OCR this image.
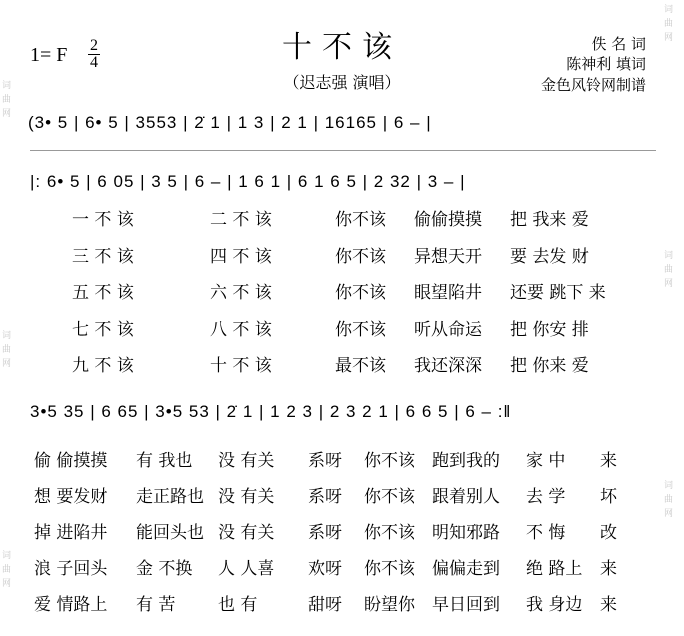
词
曲
网
词
曲
网
词
曲
网
词
曲
网
词
曲
网
词
曲
网
十不该
（迟志强 演唱）
1= F 2
4
佚 名 词
陈神利 填词
金色风铃网制谱
(3• 5 | 6• 5 | 3553 | 2̇ 1 | 1 3 | 2 1 | 16165 | 6 – |
|: 6• 5 | 6 05 | 3 5 | 6 – | 1 6 1 | 6 1 6 5 | 2 32 | 3 – |
一 不 该	二 不 该	你不该 偷偷摸摸 把 我来 爱
三 不 该	四 不 该	你不该 异想天开 要 去发 财
五 不 该	六 不 该	你不该 眼望陷井 还要 跳下 来
七 不 该	八 不 该	你不该 听从命运 把 你安 排
九 不 该	十 不 该	最不该 我还深深 把 你来 爱
3•5 35 | 6 65 | 3•5 53 | 2̇ 1 | 1 2 3 | 2 3 2 1 | 6 6 5 | 6 – :‖
偷 偷摸摸 有 我也 没 有关 系呀 你不该 跑到我的 家 中 来
想 要发财 走正路也 没 有关 系呀 你不该 跟着别人 去 学 坏
掉 进陷井 能回头也 没 有关 系呀 你不该 明知邪路 不 悔 改
浪 子回头 金 不换 人 人喜 欢呀 你不该 偏偏走到 绝 路上 来
爱 情路上 有 苦	也 有	甜呀 盼望你 早日回到 我 身边 来
